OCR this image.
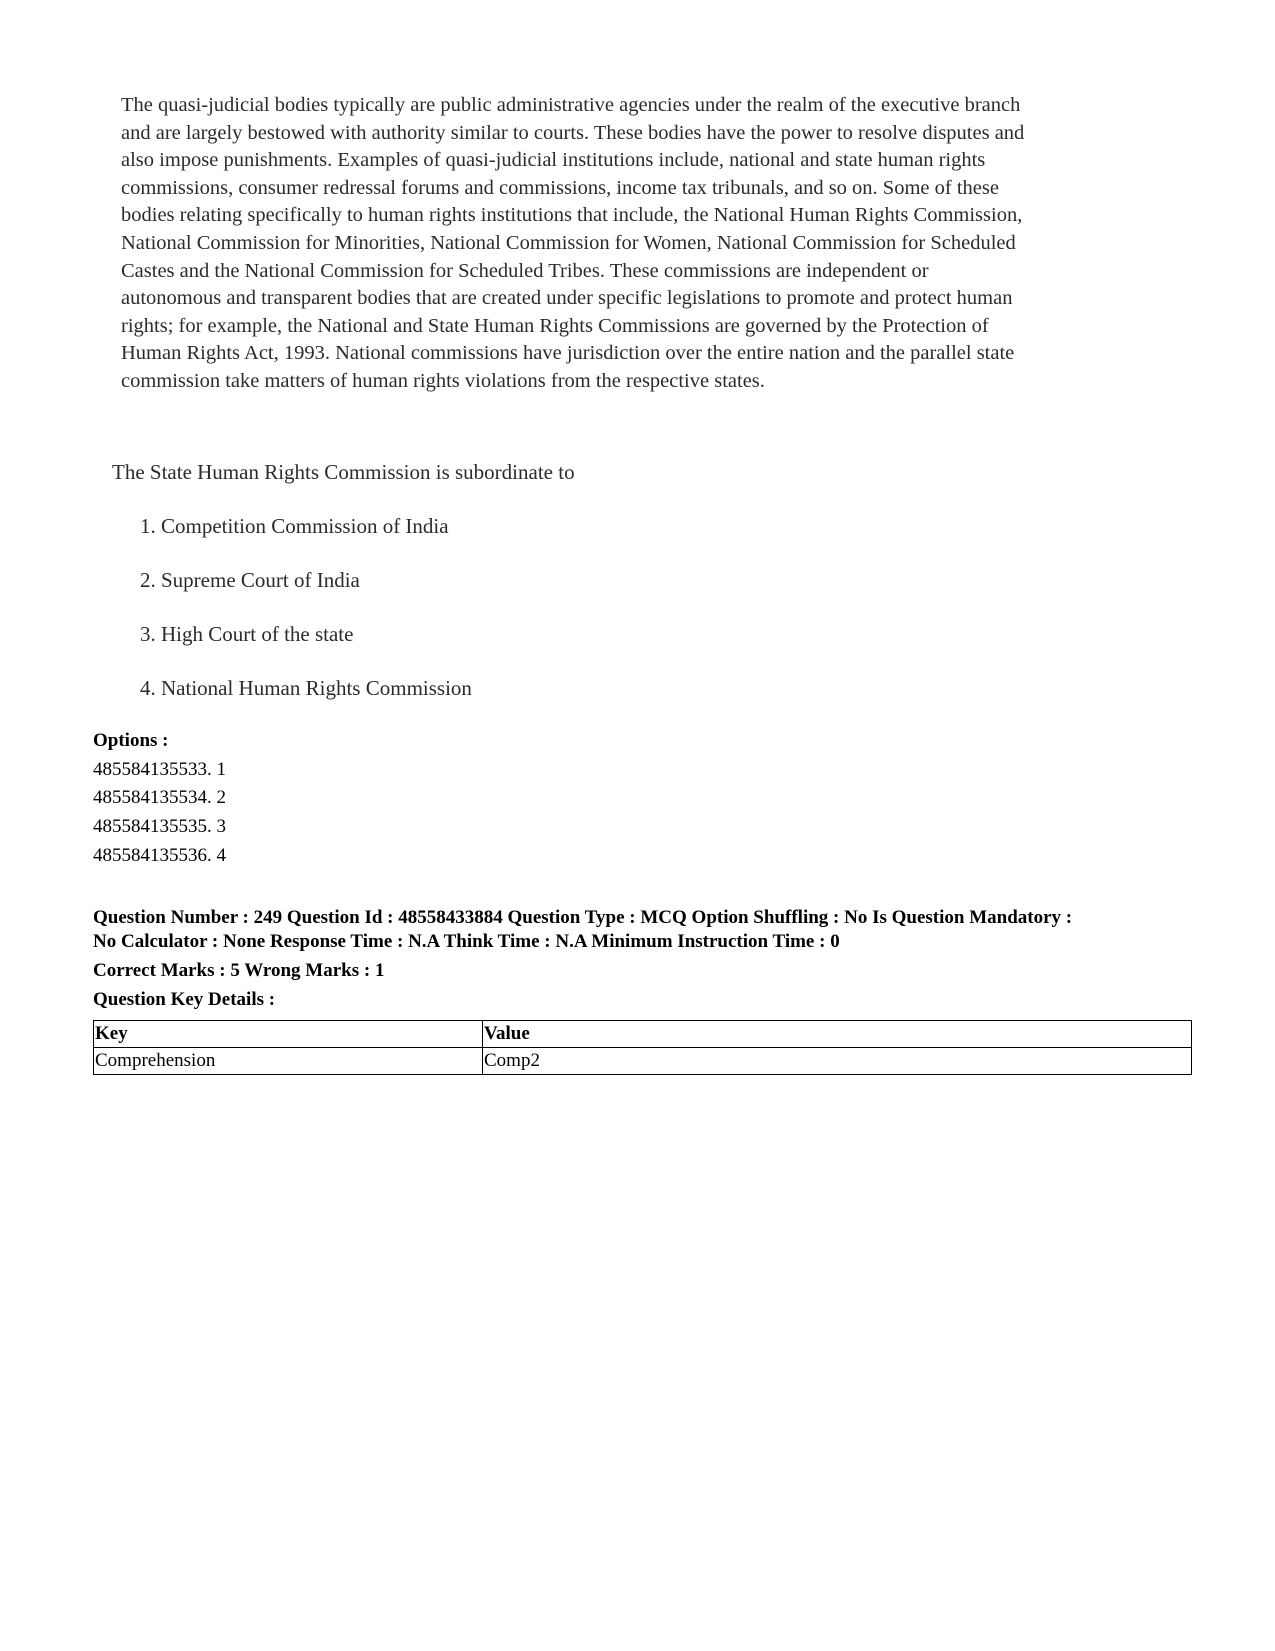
The quasi-judicial bodies typically are public administrative agencies under the realm of the executive branch

and are largely bestowed with authority similar to courts. These bodies have the power to resolve disputes and

also impose punishments. Examples of quasi-judicial institutions include, national and state human rights

commissions, consumer redressal forums and commissions, income tax tribunals, and so on. Some of these

bodies relating specifically to human rights institutions that include, the National Human Rights Commission,

National Commission for Minorities, National Commission for Women, National Commission for Scheduled

Castes and the National Commission for Scheduled Tribes. These commissions are independent or

autonomous and transparent bodies that are created under specific legislations to promote and protect human

rights; for example, the National and State Human Rights Commissions are governed by the Protection of

Human Rights Act, 1993. National commissions have jurisdiction over the entire nation and the parallel state

commission take matters of human rights violations from the respective states.

The State Human Rights Commission is subordinate to
1. Competition Commission of India
2. Supreme Court of India
3. High Court of the state
4. National Human Rights Commission
Options :
485584135533. 1
485584135534. 2
485584135535. 3
485584135536. 4
Question Number : 249 Question Id : 48558433884 Question Type : MCQ Option Shuffling : No Is Question Mandatory :
No Calculator : None Response Time : N.A Think Time : N.A Minimum Instruction Time : 0
Correct Marks : 5 Wrong Marks : 1
Question Key Details :
Key	Value
Comprehension	Comp2
